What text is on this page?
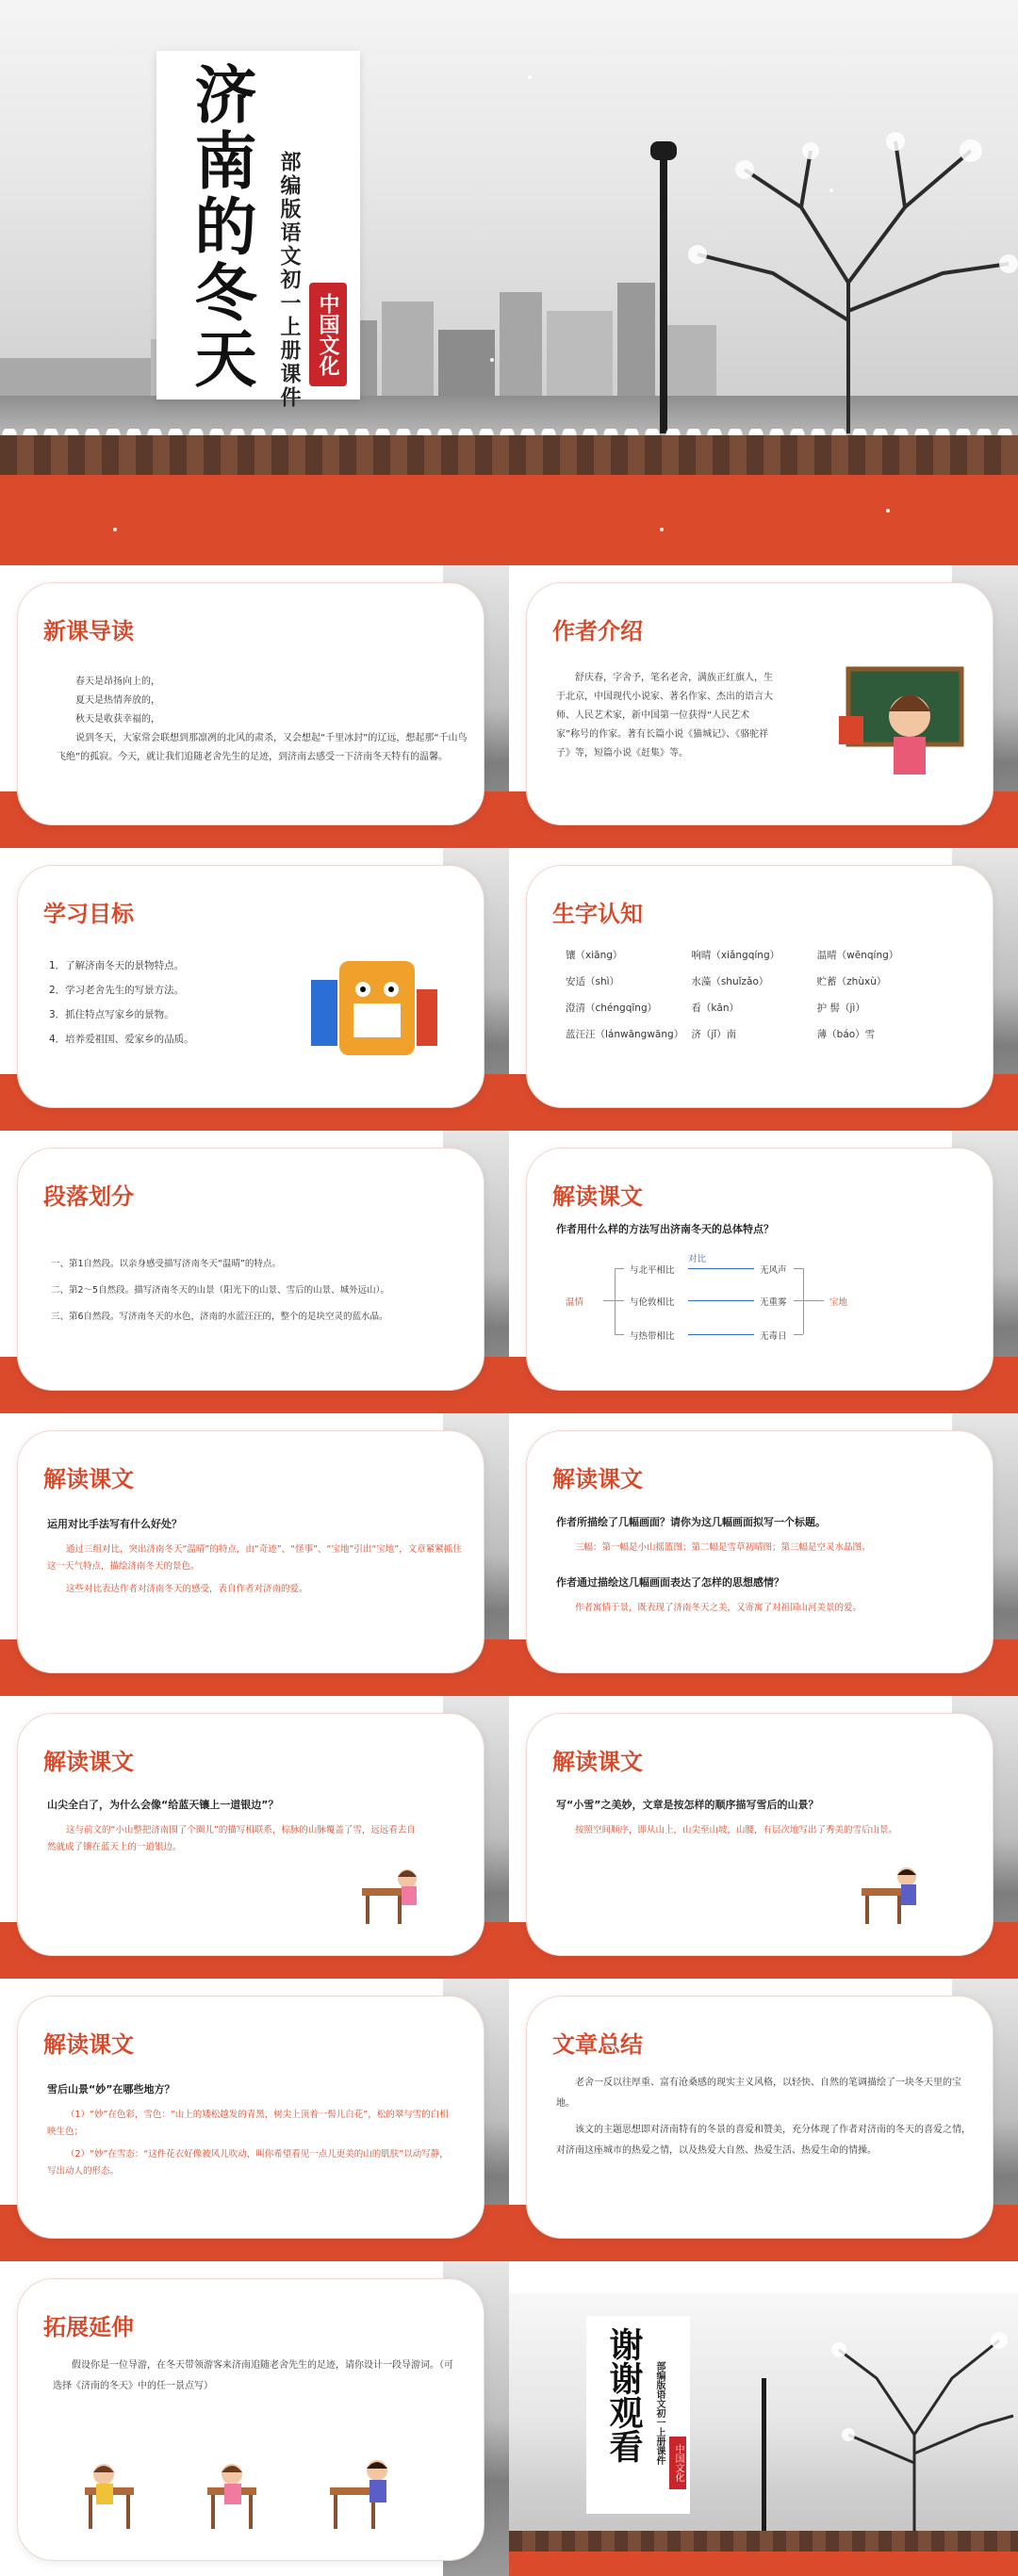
济南的冬天 部编版语文初一上册课件 中国文化
新课导读
春天是昂扬向上的，
夏天是热情奔放的，
秋天是收获幸福的，
说到冬天，大家常会联想到那凛冽的北风的肃杀，又会想起“千里冰封”的辽远，想起那“千山鸟飞绝”的孤寂。今天，就让我们追随老舍先生的足迹，到济南去感受一下济南冬天特有的温馨。
作者介绍
舒庆春，字舍予，笔名老舍，满族正红旗人，生于北京，中国现代小说家、著名作家、杰出的语言大师、人民艺术家，新中国第一位获得“人民艺术家”称号的作家。著有长篇小说《猫城记》、《骆驼祥子》等，短篇小说《赶集》等。
学习目标
1．了解济南冬天的景物特点。
2．学习老舍先生的写景方法。
3．抓住特点写家乡的景物。
4．培养爱祖国、爱家乡的品质。
生字认知
镶（xiāng）	响晴（xiǎngqíng）	温晴（wēnqíng）
安适（shì）	水藻（shuǐzǎo）	贮蓄（zhùxù）
澄清（chéngqīng）	看（kān）	护 髻（jì）
蓝汪汪（lánwāngwāng） 济（jǐ）南	薄（báo）雪
段落划分
一、第1自然段。以亲身感受描写济南冬天“温晴”的特点。
二、第2～5自然段。描写济南冬天的山景（阳光下的山景、雪后的山景、城外远山）。
三、第6自然段。写济南冬天的水色，济南的水蓝汪汪的，整个的是块空灵的蓝水晶。
解读课文
作者用什么样的方法写出济南冬天的总体特点？
温情
对比
与北平相比	无风声
与伦敦相比	无重雾
与热带相比	无毒日
宝地
解读课文
运用对比手法写有什么好处？
通过三组对比，突出济南冬天“温晴”的特点，由“奇迹”、“怪事”、“宝地”引出“宝地”，文章紧紧抓住这一天气特点，描绘济南冬天的景色。
这些对比表达作者对济南冬天的感受，表自作者对济南的爱。
解读课文
作者所描绘了几幅画面？请你为这几幅画面拟写一个标题。
三幅：第一幅是小山摇篮图；第二幅是雪草初晴图；第三幅是空灵水晶图。
作者通过描绘这几幅画面表达了怎样的思想感情？
作者寓情于景，既表现了济南冬天之美，又寄寓了对祖国山河美景的爱。
解读课文
山尖全白了，为什么会像“给蓝天镶上一道银边”？
这与前文的“小山整把济南围了个圈儿”的描写相联系，棕脉的山脉覆盖了雪，远远看去自然就成了镶在蓝天上的一道银边。
解读课文
写“小雪”之美妙，文章是按怎样的顺序描写雪后的山景？
按照空间顺序，即从山上，山尖至山坡，山腰，有层次地写出了秀美的雪后山景。
解读课文
雪后山景“妙”在哪些地方？
（1）“妙”在色彩，雪色：“山上的矮松越发的青黑，树尖上顶着一髻儿白花”，松的翠与雪的白相映生色；
（2）“妙”在雪态：“这件花衣好像被风儿吹动，叫你希望看见一点儿更美的山的肌肤”以动写静，写出动人的形态。
文章总结
老舍一反以往厚重、富有沧桑感的现实主义风格，以轻快、自然的笔调描绘了一块冬天里的宝地。
该文的主题思想即对济南特有的冬景的喜爱和赞美，充分体现了作者对济南的冬天的喜爱之情，对济南这座城市的热爱之情，以及热爱大自然、热爱生活、热爱生命的情操。
拓展延伸
假设你是一位导游，在冬天带领游客来济南追随老舍先生的足迹，请你设计一段导游词。（可选择《济南的冬天》中的任一景点写）	谢谢观看	部编版语文初一上册课件 中国文化
